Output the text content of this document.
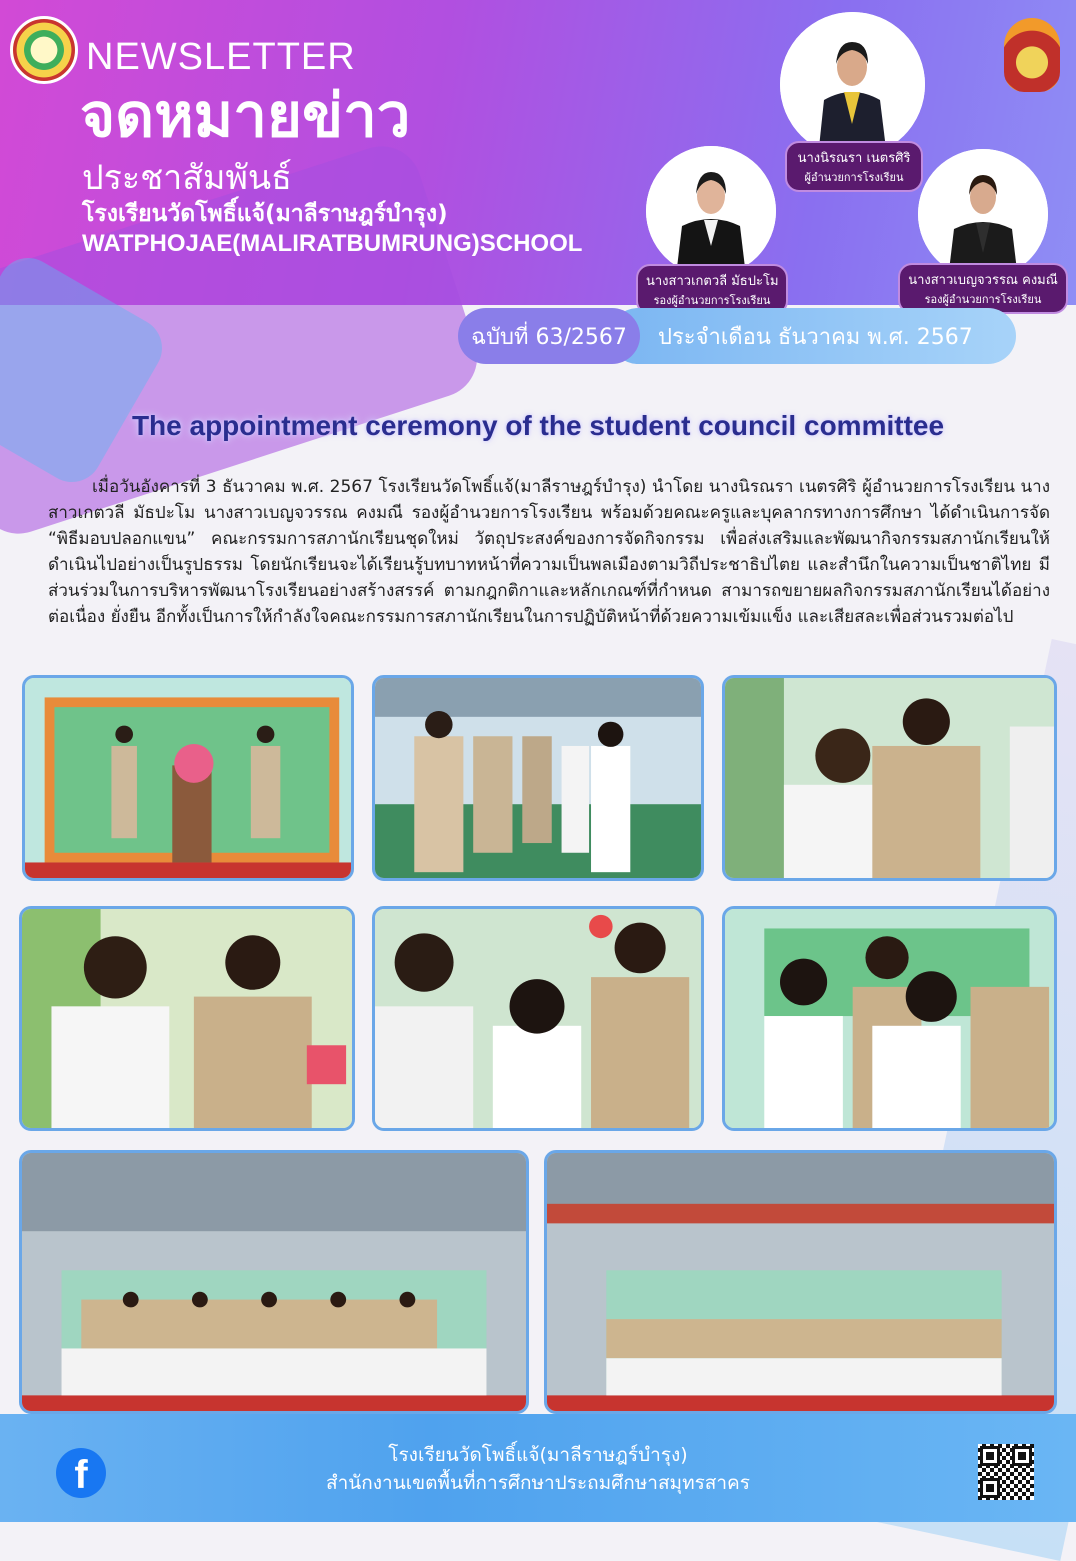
NEWSLETTER
จดหมายข่าว
ประชาสัมพันธ์
โรงเรียนวัดโพธิ์แจ้(มาลีราษฎร์บำรุง)
WATPHOJAE(MALIRATBUMRUNG)SCHOOL
นางนิรณรา เนตรศิริ
ผู้อำนวยการโรงเรียน
นางสาวเกตวลี มัธปะโม
รองผู้อำนวยการโรงเรียน
นางสาวเบญจวรรณ คงมณี
รองผู้อำนวยการโรงเรียน
ฉบับที่ 63/2567	ประจำเดือน ธันวาคม พ.ศ. 2567
The appointment ceremony of the student council committee
เมื่อวันอังคารที่ 3 ธันวาคม พ.ศ. 2567 โรงเรียนวัดโพธิ์แจ้(มาลีราษฎร์บำรุง) นำโดย นางนิรณรา เนตรศิริ ผู้อำนวยการโรงเรียน นางสาวเกตวลี มัธปะโม นางสาวเบญจวรรณ คงมณี รองผู้อำนวยการโรงเรียน พร้อมด้วยคณะครูและบุคลากรทางการศึกษา ได้ดำเนินการจัด “พิธีมอบปลอกแขน” คณะกรรมการสภานักเรียนชุดใหม่ วัตถุประสงค์ของการจัดกิจกรรม เพื่อส่งเสริมและพัฒนากิจกรรมสภานักเรียนให้ดำเนินไปอย่างเป็นรูปธรรม โดยนักเรียนจะได้เรียนรู้บทบาทหน้าที่ความเป็นพลเมืองตามวิถีประชาธิปไตย และสำนึกในความเป็นชาติไทย มีส่วนร่วมในการบริหารพัฒนาโรงเรียนอย่างสร้างสรรค์ ตามกฎกติกาและหลักเกณฑ์ที่กำหนด สามารถขยายผลกิจกรรมสภานักเรียนได้อย่างต่อเนื่อง ยั่งยืน อีกทั้งเป็นการให้กำลังใจคณะกรรมการสภานักเรียนในการปฏิบัติหน้าที่ด้วยความเข้มแข็ง และเสียสละเพื่อส่วนรวมต่อไป
f	โรงเรียนวัดโพธิ์แจ้(มาลีราษฎร์บำรุง)
สำนักงานเขตพื้นที่การศึกษาประถมศึกษาสมุทรสาคร
